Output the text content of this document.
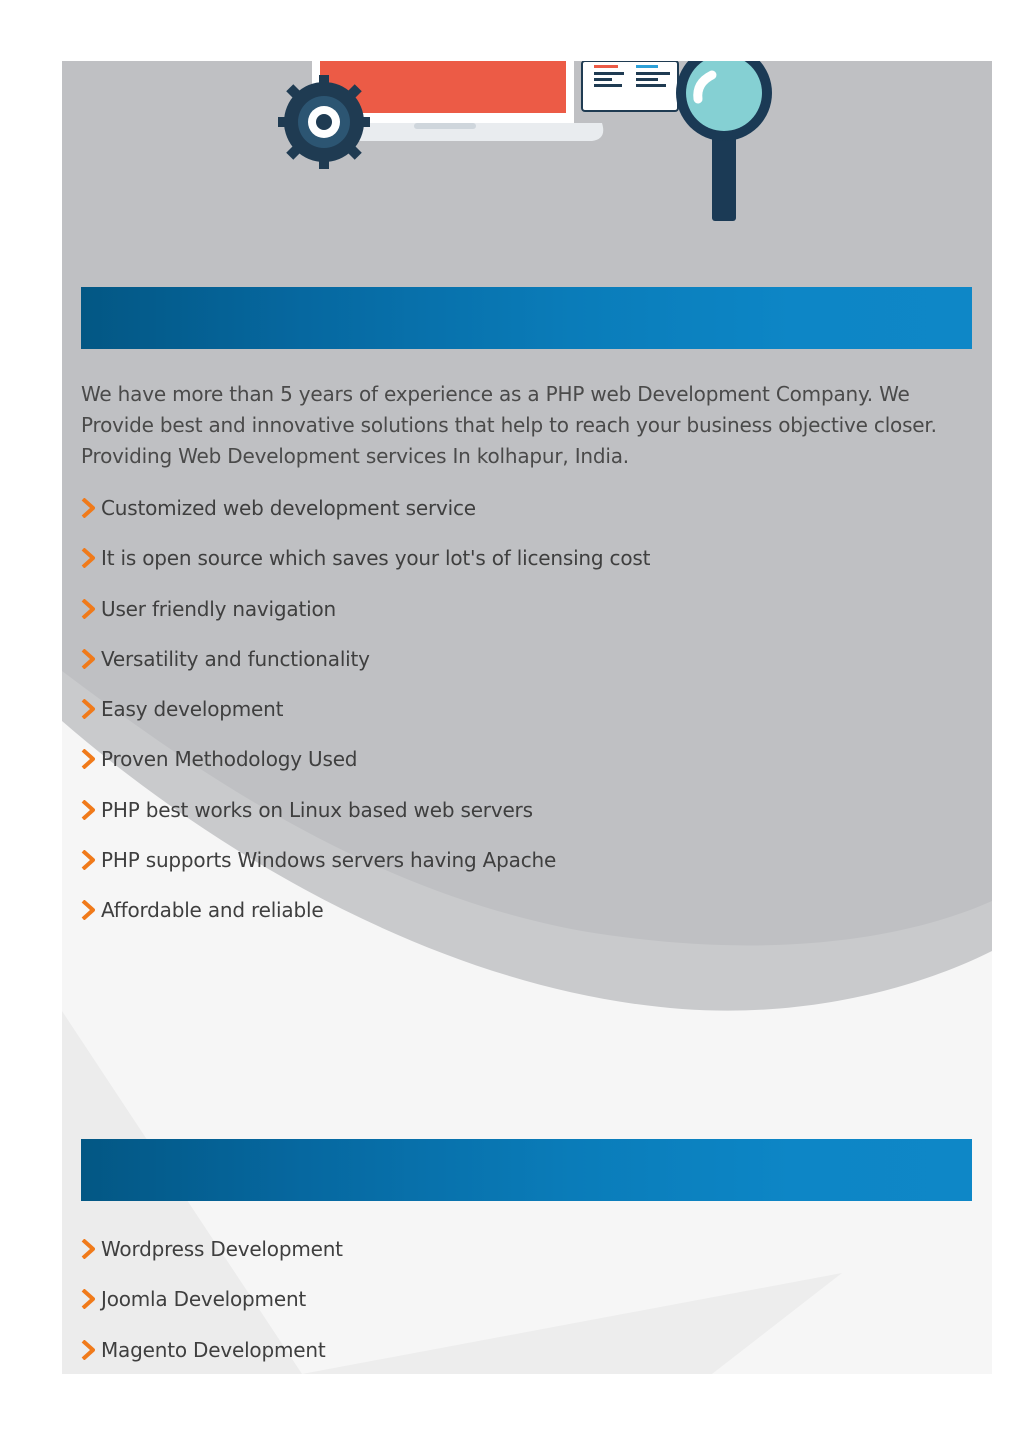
We have more than 5 years of experience as a PHP web Development Company. We Provide best and innovative solutions that help to reach your business objective closer. Providing Web Development services In kolhapur, India.

Customized web development service
It is open source which saves your lot's of licensing cost
User friendly navigation
Versatility and functionality
Easy development
Proven Methodology Used
PHP best works on Linux based web servers
PHP supports Windows servers having Apache
Affordable and reliable
Wordpress Development
Joomla Development
Magento Development
